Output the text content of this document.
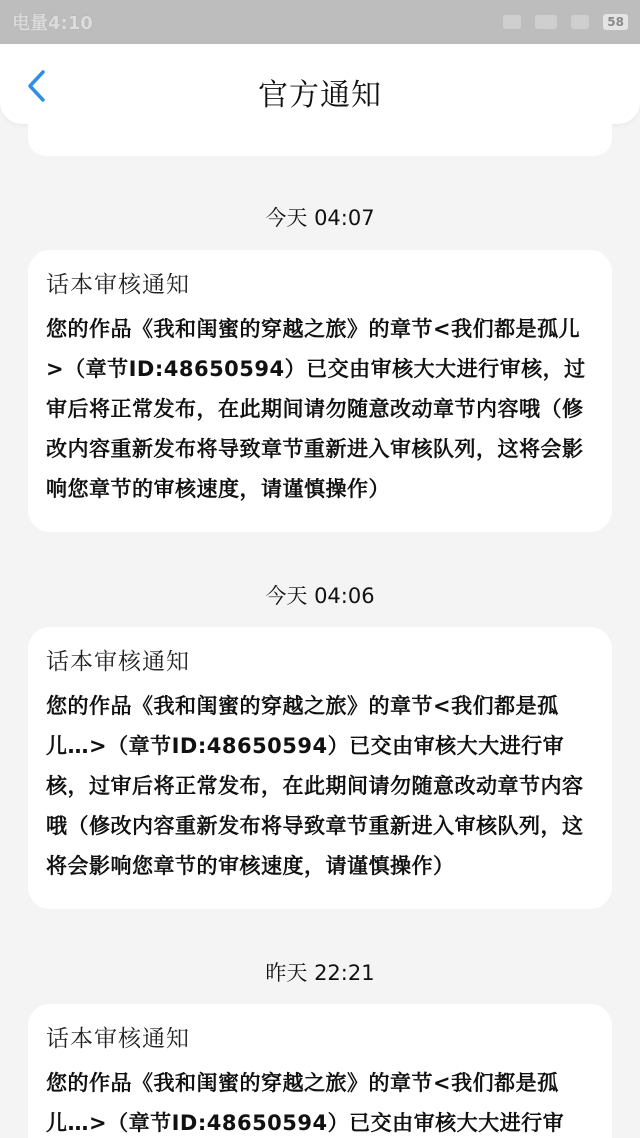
电量4:10	58
官方通知
今天 04:07
话本审核通知
您的作品《我和闺蜜的穿越之旅》的章节<我们都是孤儿>（章节ID:48650594）已交由审核大大进行审核，过审后将正常发布，在此期间请勿随意改动章节内容哦（修改内容重新发布将导致章节重新进入审核队列，这将会影响您章节的审核速度，请谨慎操作）
今天 04:06
话本审核通知
您的作品《我和闺蜜的穿越之旅》的章节<我们都是孤儿…>（章节ID:48650594）已交由审核大大进行审核，过审后将正常发布，在此期间请勿随意改动章节内容哦（修改内容重新发布将导致章节重新进入审核队列，这将会影响您章节的审核速度，请谨慎操作）
昨天 22:21
话本审核通知
您的作品《我和闺蜜的穿越之旅》的章节<我们都是孤儿…>（章节ID:48650594）已交由审核大大进行审
